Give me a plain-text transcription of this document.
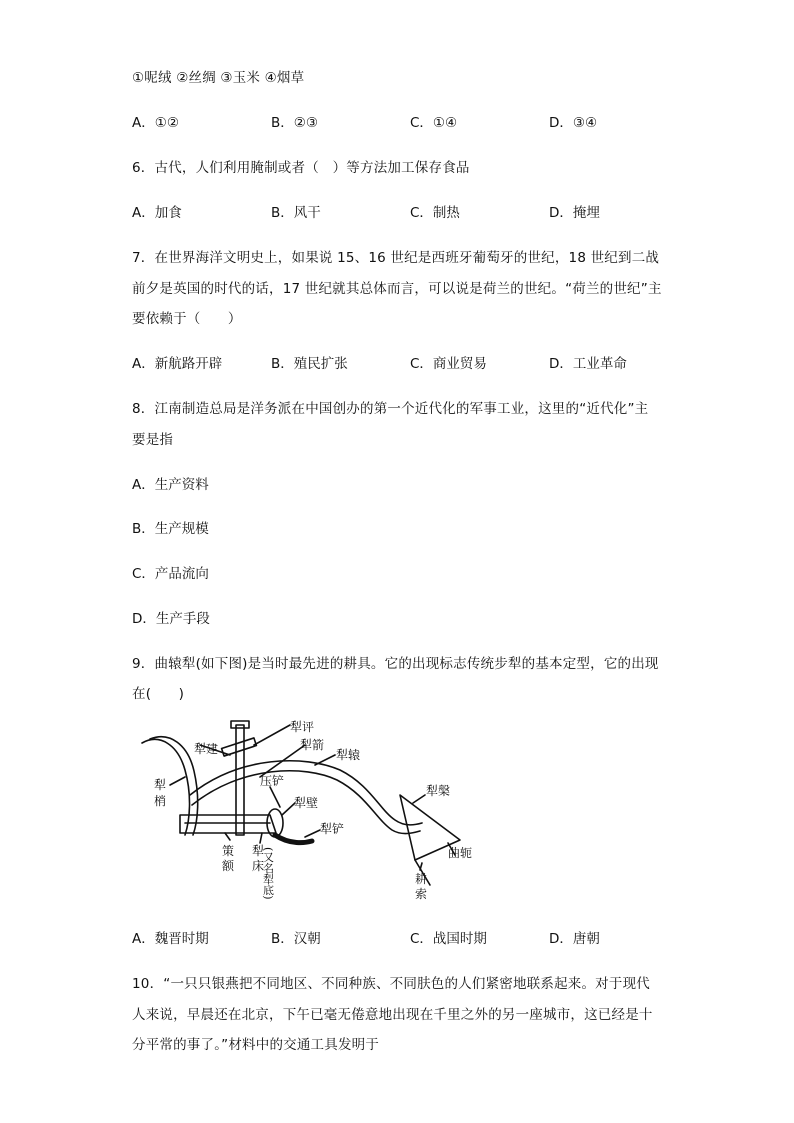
①呢绒 ②丝绸 ③玉米 ④烟草
A．①②	B．②③	C．①④	D．③④
6．古代，人们利用腌制或者（　）等方法加工保存食品
A．加食	B．风干	C．制热	D．掩埋
7．在世界海洋文明史上，如果说 15、16 世纪是西班牙葡萄牙的世纪，18 世纪到二战
前夕是英国的时代的话，17 世纪就其总体而言，可以说是荷兰的世纪。“荷兰的世纪”主
要依赖于（　　）
A．新航路开辟	B．殖民扩张	C．商业贸易	D．工业革命
8．江南制造总局是洋务派在中国创办的第一个近代化的军事工业，这里的“近代化”主
要是指
A．生产资料
B．生产规模
C．产品流向
D．生产手段
9．曲辕犁(如下图)是当时最先进的耕具。它的出现标志传统步犁的基本定型，它的出现
在(　　)
犁评
犁建	犁箭
犁辕
犁
梢
压铲
犁壁
犁铲
犁槃
曲轭
耕
索
策
额
犁
床
(又名犁底)
A．魏晋时期	B．汉朝	C．战国时期	D．唐朝
10．“一只只银燕把不同地区、不同种族、不同肤色的人们紧密地联系起来。对于现代
人来说，早晨还在北京，下午已毫无倦意地出现在千里之外的另一座城市，这已经是十
分平常的事了。”材料中的交通工具发明于
